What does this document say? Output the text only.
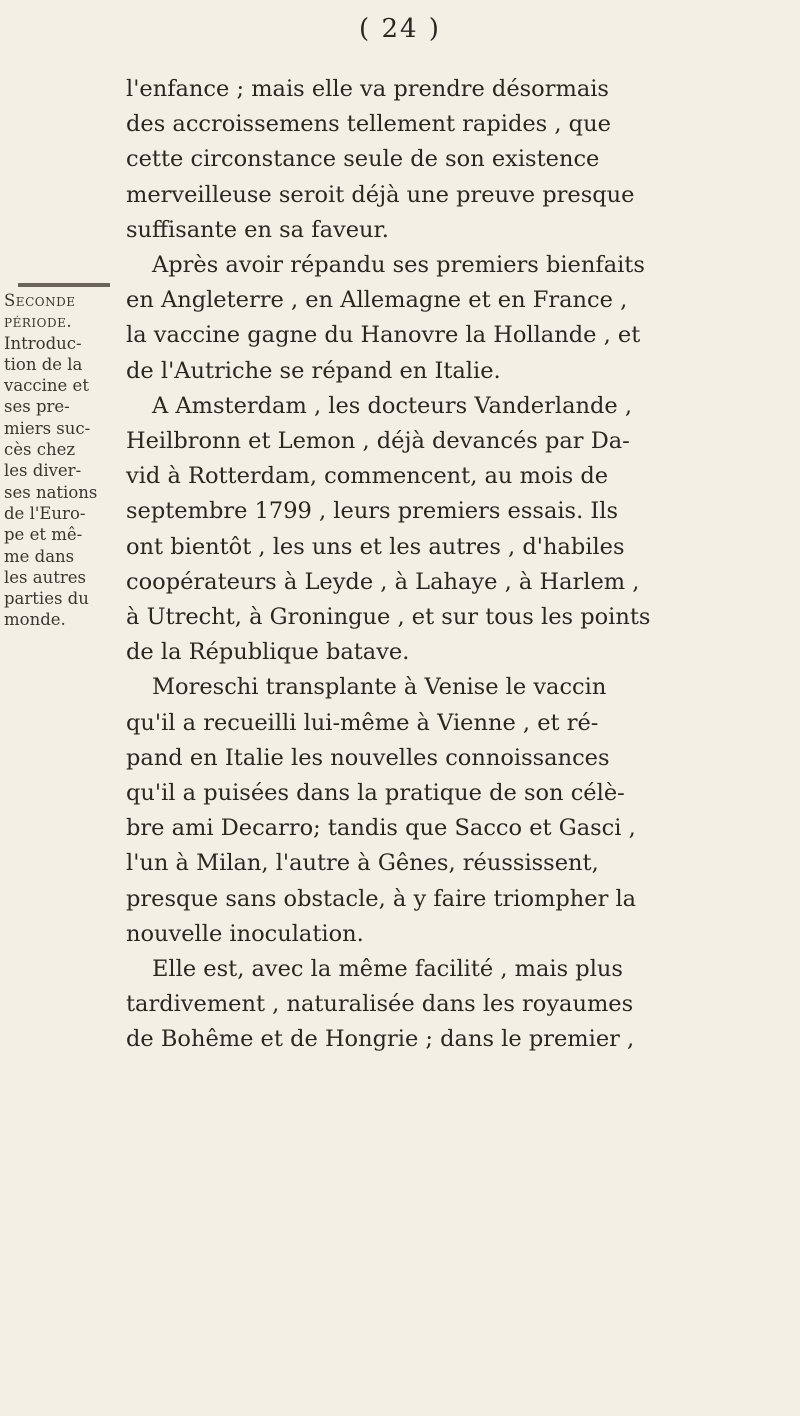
( 24 )
Seconde
période.
Introduc-
tion de la
vaccine et
ses pre-
miers suc-
cès chez
les diver-
ses nations
de l'Euro-
pe et mê-
me dans
les autres
parties du
monde.
l'enfance ; mais elle va prendre désormais
des accroissemens tellement rapides , que
cette circonstance seule de son existence
merveilleuse seroit déjà une preuve presque
suffisante en sa faveur.
Après avoir répandu ses premiers bienfaits
en Angleterre , en Allemagne et en France ,
la vaccine gagne du Hanovre la Hollande , et
de l'Autriche se répand en Italie.
A Amsterdam , les docteurs Vanderlande ,
Heilbronn et Lemon , déjà devancés par Da-
vid à Rotterdam, commencent, au mois de
septembre 1799 , leurs premiers essais. Ils
ont bientôt , les uns et les autres , d'habiles
coopérateurs à Leyde , à Lahaye , à Harlem ,
à Utrecht, à Groningue , et sur tous les points
de la République batave.
Moreschi transplante à Venise le vaccin
qu'il a recueilli lui-même à Vienne , et ré-
pand en Italie les nouvelles connoissances
qu'il a puisées dans la pratique de son célè-
bre ami Decarro; tandis que Sacco et Gasci ,
l'un à Milan, l'autre à Gênes, réussissent,
presque sans obstacle, à y faire triompher la
nouvelle inoculation.
Elle est, avec la même facilité , mais plus
tardivement , naturalisée dans les royaumes
de Bohême et de Hongrie ; dans le premier ,
